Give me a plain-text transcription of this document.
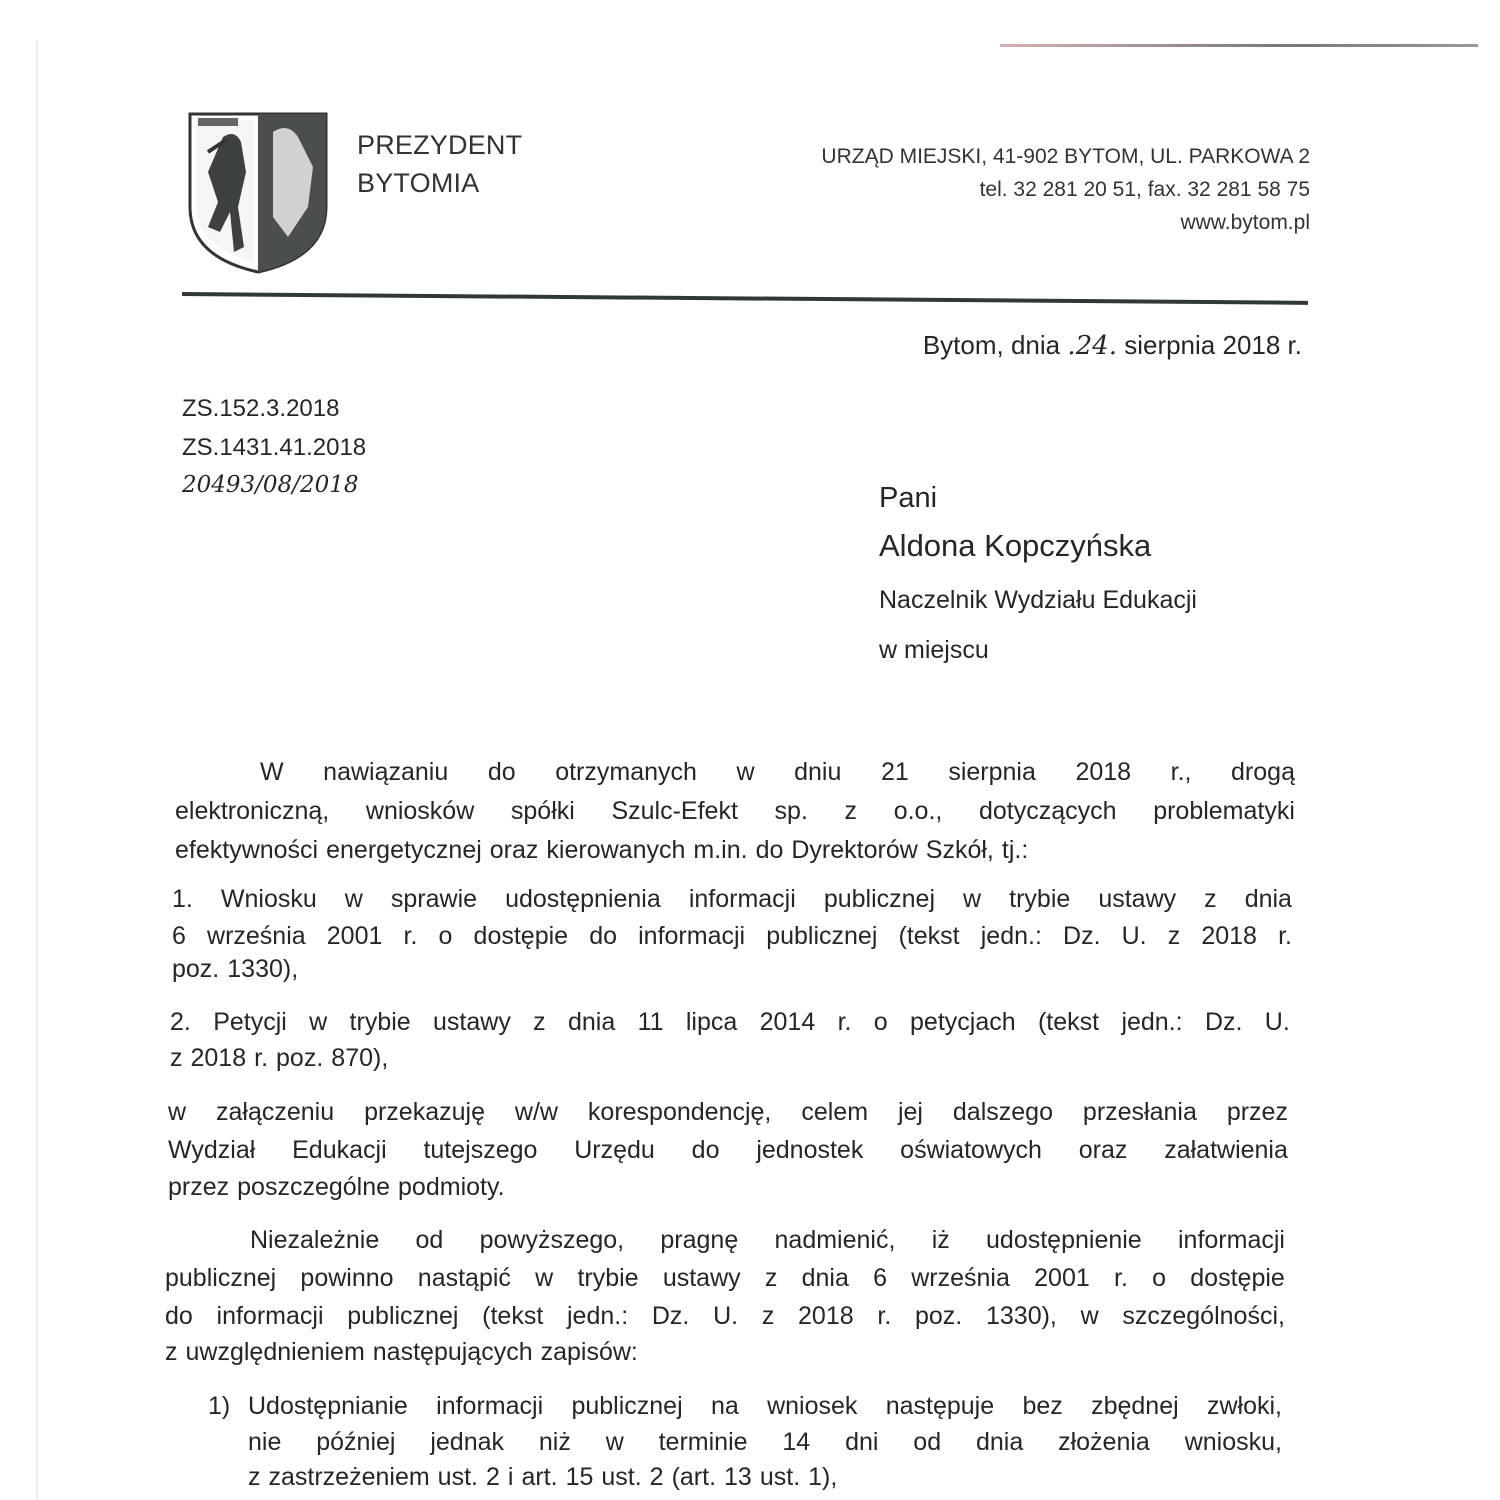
PREZYDENT
BYTOMIA
URZĄD MIEJSKI, 41-902 BYTOM, UL. PARKOWA 2
tel. 32 281 20 51, fax. 32 281 58 75
www.bytom.pl
Bytom, dnia .24. sierpnia 2018 r.
ZS.152.3.2018
ZS.1431.41.2018
20493/08/2018	Pani
Aldona Kopczyńska
Naczelnik Wydziału Edukacji
w miejscu
W nawiązaniu do otrzymanych w dniu 21 sierpnia 2018 r., drogą
elektroniczną, wniosków spółki Szulc-Efekt sp. z o.o., dotyczących problematyki
efektywności energetycznej oraz kierowanych m.in. do Dyrektorów Szkół, tj.:
1. Wniosku w sprawie udostępnienia informacji publicznej w trybie ustawy z dnia
6 września 2001 r. o dostępie do informacji publicznej (tekst jedn.: Dz. U. z 2018 r.
poz. 1330),
2. Petycji w trybie ustawy z dnia 11 lipca 2014 r. o petycjach (tekst jedn.: Dz. U.
z 2018 r. poz. 870),
w załączeniu przekazuję w/w korespondencję, celem jej dalszego przesłania przez
Wydział Edukacji tutejszego Urzędu do jednostek oświatowych oraz załatwienia
przez poszczególne podmioty.
Niezależnie od powyższego, pragnę nadmienić, iż udostępnienie informacji
publicznej powinno nastąpić w trybie ustawy z dnia 6 września 2001 r. o dostępie
do informacji publicznej (tekst jedn.: Dz. U. z 2018 r. poz. 1330), w szczególności,
z uwzględnieniem następujących zapisów:
1) Udostępnianie informacji publicznej na wniosek następuje bez zbędnej zwłoki,
nie później jednak niż w terminie 14 dni od dnia złożenia wniosku,
z zastrzeżeniem ust. 2 i art. 15 ust. 2 (art. 13 ust. 1),
